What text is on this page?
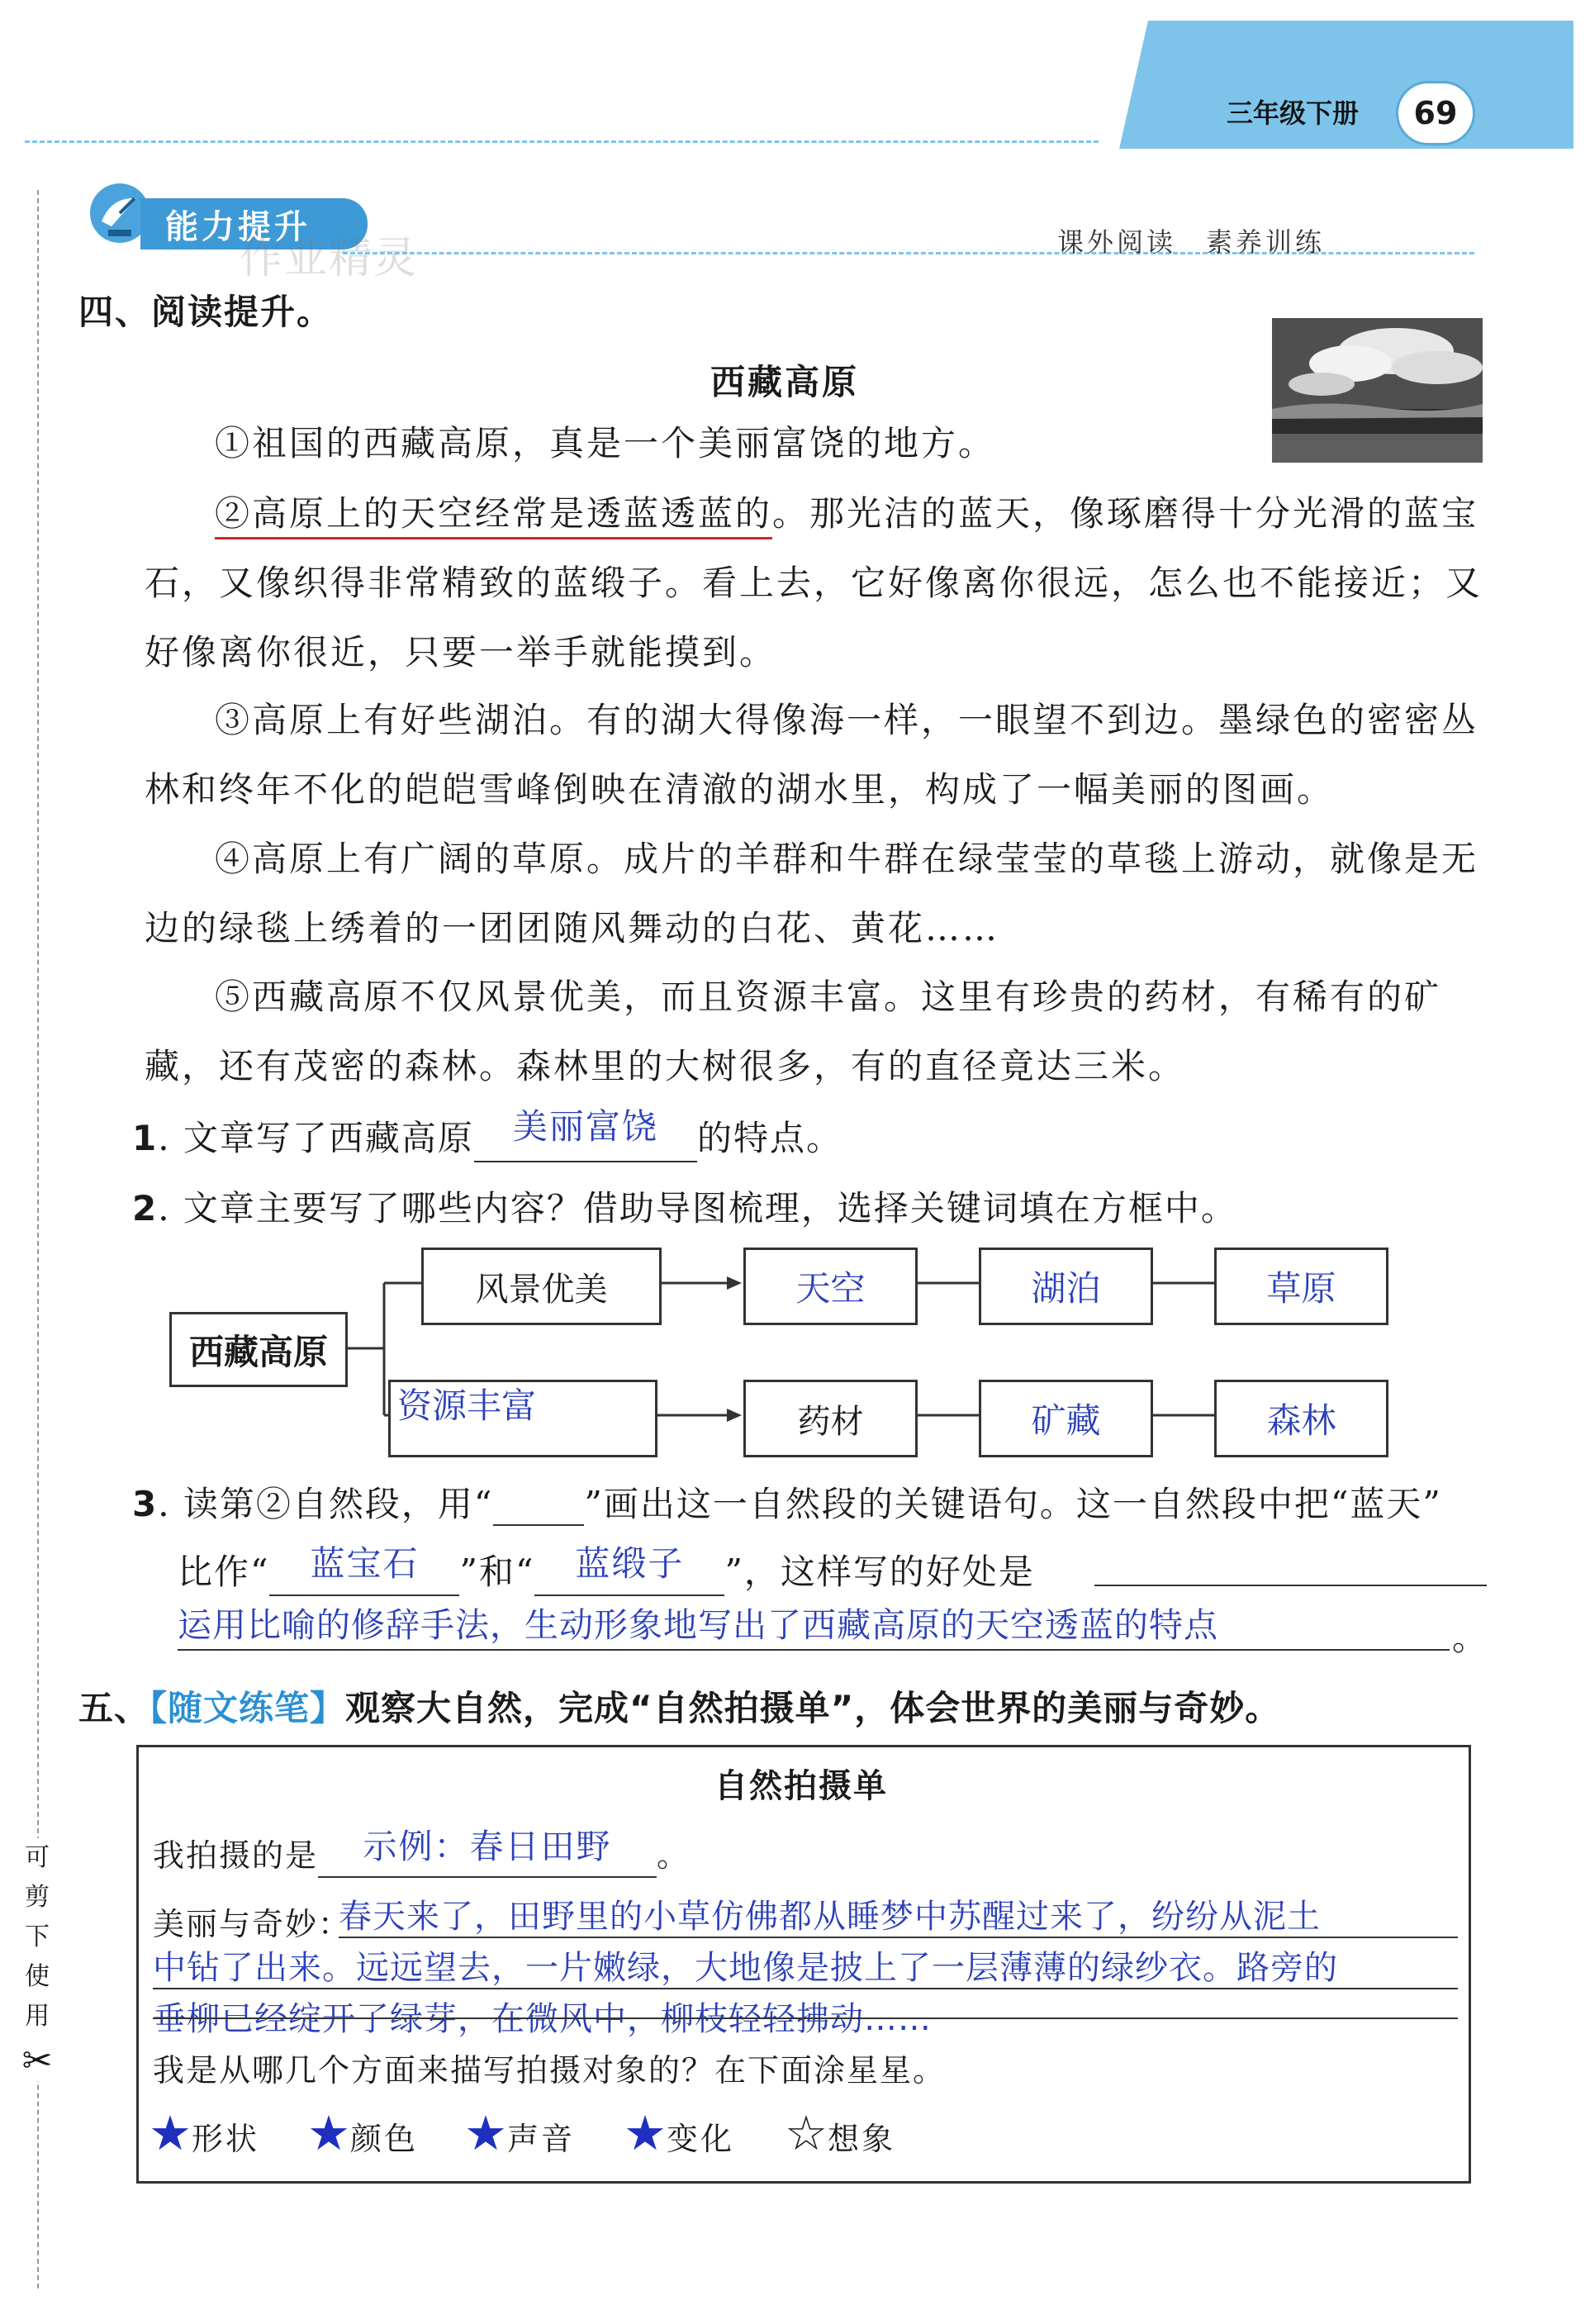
三年级下册 69
能力提升	课外阅读　素养训练
四、阅读提升。
西藏高原
①祖国的西藏高原，真是一个美丽富饶的地方。
②高原上的天空经常是透蓝透蓝的。那光洁的蓝天，像琢磨得十分光滑的蓝宝石，又像织得非常精致的蓝缎子。看上去，它好像离你很远，怎么也不能接近；又好像离你很近，只要一举手就能摸到。
③高原上有好些湖泊。有的湖大得像海一样，一眼望不到边。墨绿色的密密丛林和终年不化的皑皑雪峰倒映在清澈的湖水里，构成了一幅美丽的图画。
④高原上有广阔的草原。成片的羊群和牛群在绿莹莹的草毯上游动，就像是无边的绿毯上绣着的一团团随风舞动的白花、黄花……
⑤西藏高原不仅风景优美，而且资源丰富。这里有珍贵的药材，有稀有的矿藏，还有茂密的森林。森林里的大树很多，有的直径竟达三米。
1. 文章写了西藏高原 美丽富饶 的特点。
2. 文章主要写了哪些内容？借助导图梳理，选择关键词填在方框中。
西藏高原
风景优美
资源丰富
天空	湖泊	草原
药材	矿藏	森林
3. 读第②自然段，用“	”画出这一自然段的关键语句。这一自然段中把“蓝天”
比作“ 蓝宝石 ”和“ 蓝缎子 ”，这样写的好处是
运用比喻的修辞手法，生动形象地写出了西藏高原的天空透蓝的特点	。
五、【随文练笔】观察大自然，完成“自然拍摄单”，体会世界的美丽与奇妙。
自然拍摄单
我拍摄的是 示例：春日田野 。
美丽与奇妙：
春天来了，田野里的小草仿佛都从睡梦中苏醒过来了，纷纷从泥土
中钻了出来。远远望去，一片嫩绿，大地像是披上了一层薄薄的绿纱衣。路旁的
垂柳已经绽开了绿芽，在微风中，柳枝轻轻拂动……
我是从哪几个方面来描写拍摄对象的？在下面涂星星。
★形状 ★颜色 ★声音 ★变化 ☆想象
可
剪
下
使
用
✂
作业精灵
